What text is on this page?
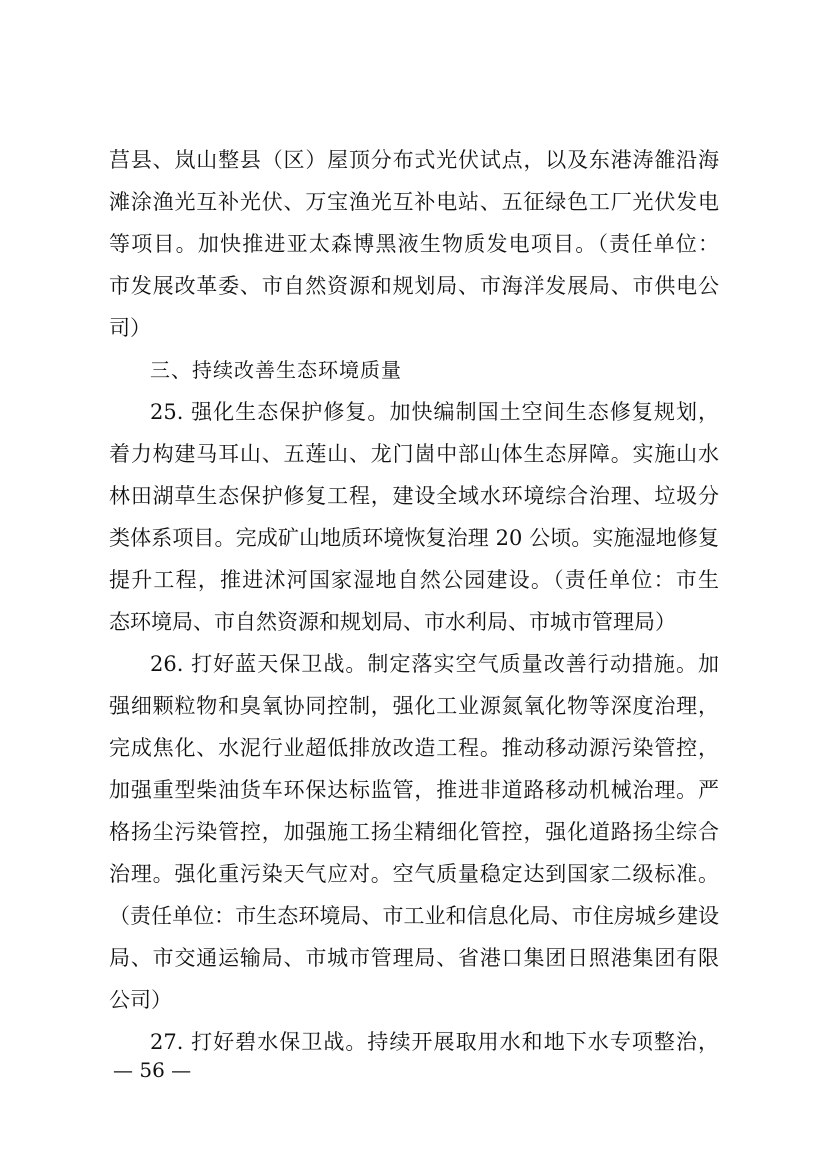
莒县、岚山整县（区）屋顶分布式光伏试点，以及东港涛雒沿海
滩涂渔光互补光伏、万宝渔光互补电站、五征绿色工厂光伏发电
等项目。加快推进亚太森博黑液生物质发电项目。（责任单位：
市发展改革委、市自然资源和规划局、市海洋发展局、市供电公
司）
三、持续改善生态环境质量
25. 强化生态保护修复。加快编制国土空间生态修复规划，
着力构建马耳山、五莲山、龙门崮中部山体生态屏障。实施山水
林田湖草生态保护修复工程，建设全域水环境综合治理、垃圾分
类体系项目。完成矿山地质环境恢复治理 20 公顷。实施湿地修复
提升工程，推进沭河国家湿地自然公园建设。（责任单位：市生
态环境局、市自然资源和规划局、市水利局、市城市管理局）
26. 打好蓝天保卫战。制定落实空气质量改善行动措施。加
强细颗粒物和臭氧协同控制，强化工业源氮氧化物等深度治理，
完成焦化、水泥行业超低排放改造工程。推动移动源污染管控，
加强重型柴油货车环保达标监管，推进非道路移动机械治理。严
格扬尘污染管控，加强施工扬尘精细化管控，强化道路扬尘综合
治理。强化重污染天气应对。空气质量稳定达到国家二级标准。
（责任单位：市生态环境局、市工业和信息化局、市住房城乡建设
局、市交通运输局、市城市管理局、省港口集团日照港集团有限
公司）
27. 打好碧水保卫战。持续开展取用水和地下水专项整治，
— 56 —
